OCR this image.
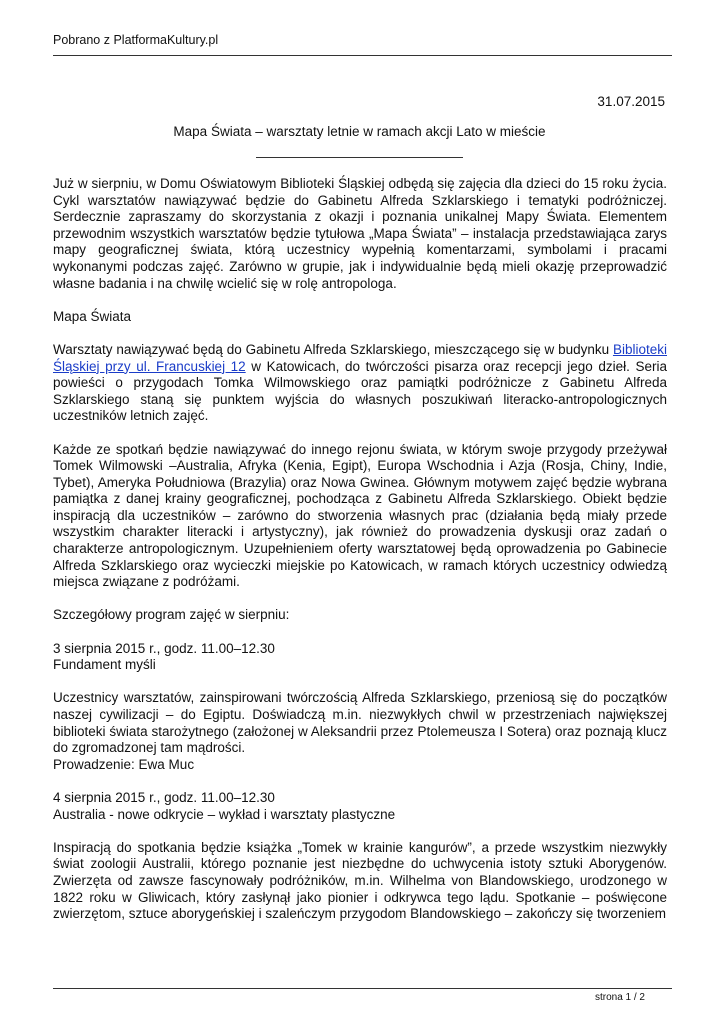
Pobrano z PlatformaKultury.pl
31.07.2015
Mapa Świata – warsztaty letnie w ramach akcji Lato w mieście

Już w sierpniu, w Domu Oświatowym Biblioteki Śląskiej odbędą się zajęcia dla dzieci do 15 roku życia. Cykl warsztatów nawiązywać będzie do Gabinetu Alfreda Szklarskiego i tematyki podróżniczej. Serdecznie zapraszamy do skorzystania z okazji i poznania unikalnej Mapy Świata. Elementem przewodnim wszystkich warsztatów będzie tytułowa „Mapa Świata” – instalacja przedstawiająca zarys mapy geograficznej świata, którą uczestnicy wypełnią komentarzami, symbolami i pracami wykonanymi podczas zajęć. Zarówno w grupie, jak i indywidualnie będą mieli okazję przeprowadzić własne badania i na chwilę wcielić się w rolę antropologa.

Mapa Świata

Warsztaty nawiązywać będą do Gabinetu Alfreda Szklarskiego, mieszczącego się w budynku Biblioteki Śląskiej przy ul. Francuskiej 12 w Katowicach, do twórczości pisarza oraz recepcji jego dzieł. Seria powieści o przygodach Tomka Wilmowskiego oraz pamiątki podróżnicze z Gabinetu Alfreda Szklarskiego staną się punktem wyjścia do własnych poszukiwań literacko-antropologicznych uczestników letnich zajęć.

Każde ze spotkań będzie nawiązywać do innego rejonu świata, w którym swoje przygody przeżywał Tomek Wilmowski –Australia, Afryka (Kenia, Egipt), Europa Wschodnia i Azja (Rosja, Chiny, Indie, Tybet), Ameryka Południowa (Brazylia) oraz Nowa Gwinea. Głównym motywem zajęć będzie wybrana pamiątka z danej krainy geograficznej, pochodząca z Gabinetu Alfreda Szklarskiego. Obiekt będzie inspiracją dla uczestników – zarówno do stworzenia własnych prac (działania będą miały przede wszystkim charakter literacki i artystyczny), jak również do prowadzenia dyskusji oraz zadań o charakterze antropologicznym. Uzupełnieniem oferty warsztatowej będą oprowadzenia po Gabinecie Alfreda Szklarskiego oraz wycieczki miejskie po Katowicach, w ramach których uczestnicy odwiedzą miejsca związane z podróżami.

Szczegółowy program zajęć w sierpniu:

3 sierpnia 2015 r., godz. 11.00–12.30
Fundament myśli

Uczestnicy warsztatów, zainspirowani twórczością Alfreda Szklarskiego, przeniosą się do początków naszej cywilizacji – do Egiptu. Doświadczą m.in. niezwykłych chwil w przestrzeniach największej biblioteki świata starożytnego (założonej w Aleksandrii przez Ptolemeusza I Sotera) oraz poznają klucz do zgromadzonej tam mądrości.
Prowadzenie: Ewa Muc

4 sierpnia 2015 r., godz. 11.00–12.30
Australia - nowe odkrycie – wykład i warsztaty plastyczne

Inspiracją do spotkania będzie książka „Tomek w krainie kangurów”, a przede wszystkim niezwykły świat zoologii Australii, którego poznanie jest niezbędne do uchwycenia istoty sztuki Aborygenów. Zwierzęta od zawsze fascynowały podróżników, m.in. Wilhelma von Blandowskiego, urodzonego w 1822 roku w Gliwicach, który zasłynął jako pionier i odkrywca tego lądu. Spotkanie – poświęcone zwierzętom, sztuce aborygeńskiej i szaleńczym przygodom Blandowskiego – zakończy się tworzeniem

strona 1 / 2
